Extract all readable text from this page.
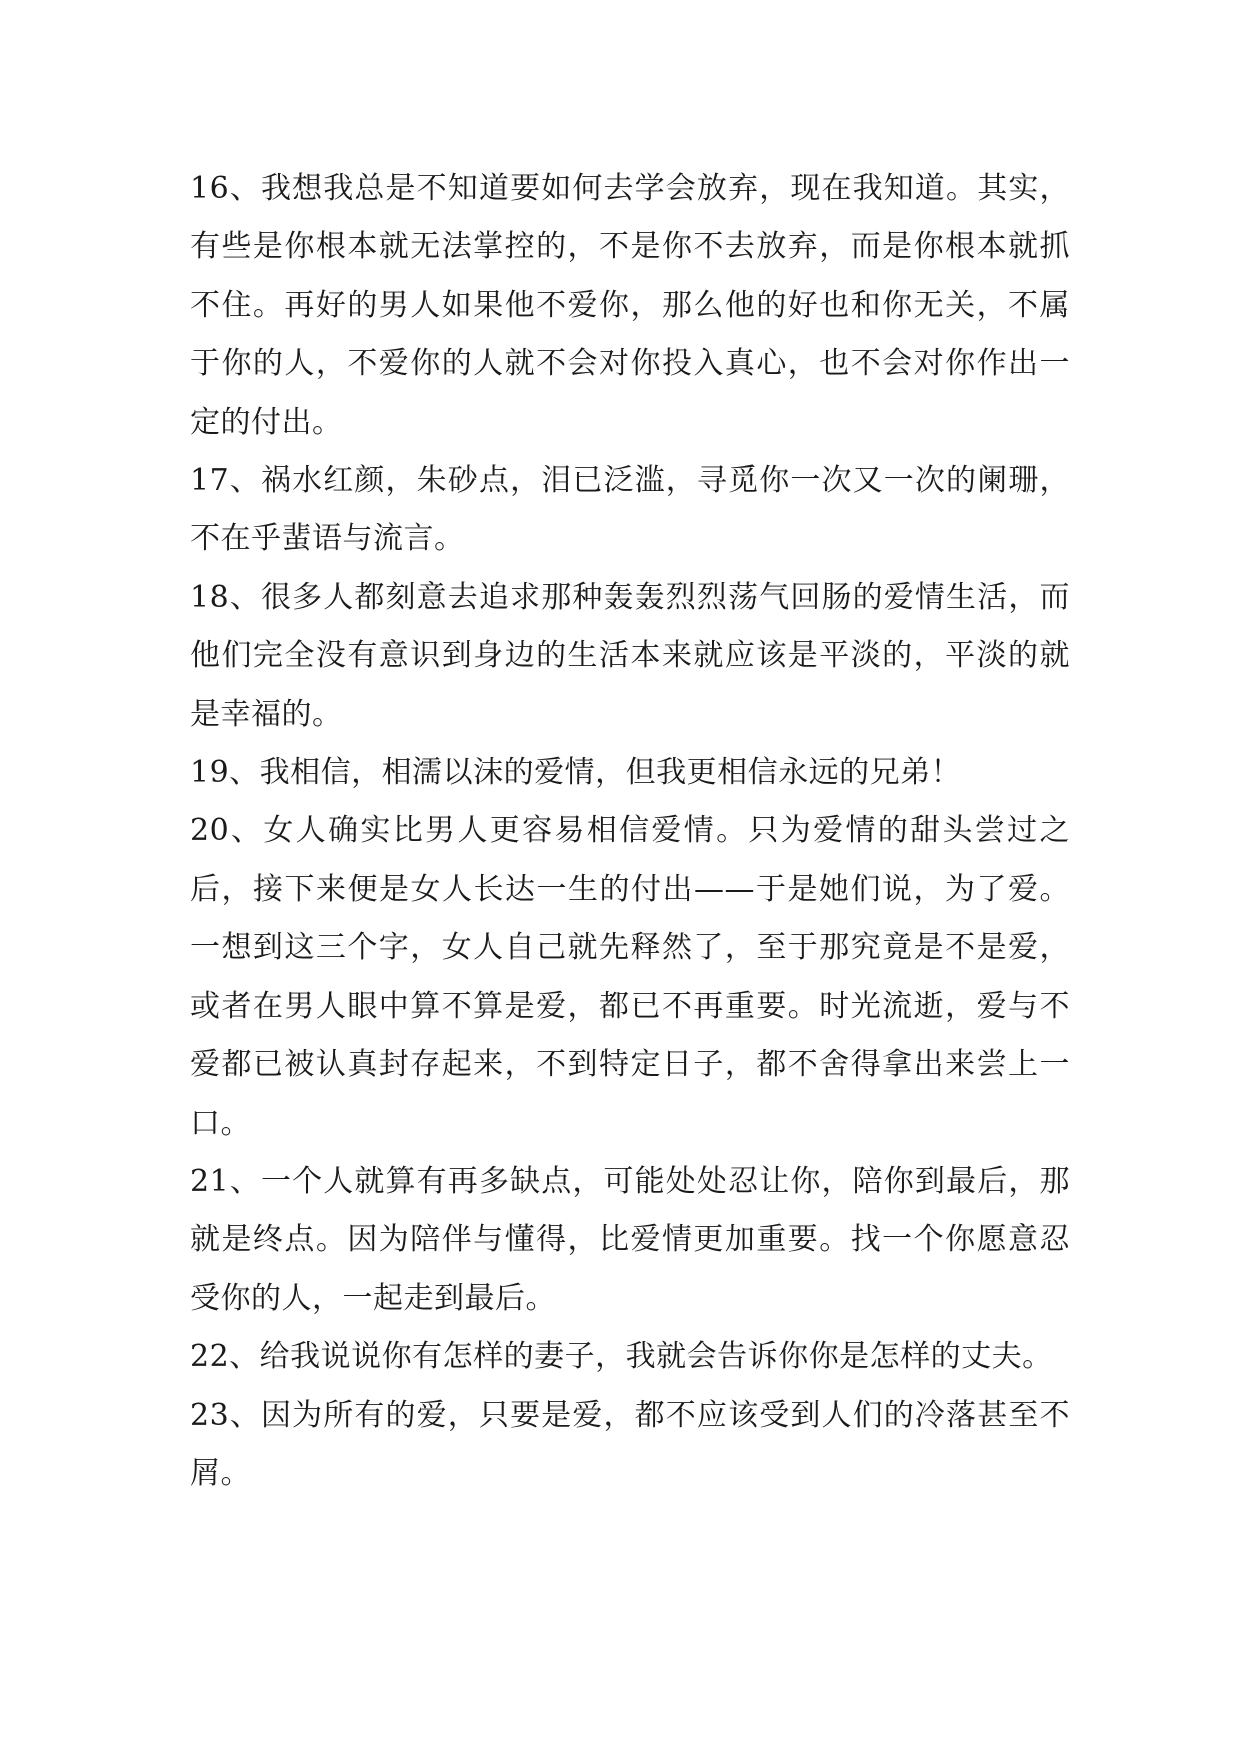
16、我想我总是不知道要如何去学会放弃，现在我知道。其实，有些是你根本就无法掌控的，不是你不去放弃，而是你根本就抓不住。再好的男人如果他不爱你，那么他的好也和你无关，不属于你的人，不爱你的人就不会对你投入真心，也不会对你作出一定的付出。

17、祸水红颜，朱砂点，泪已泛滥，寻觅你一次又一次的阑珊，不在乎蜚语与流言。

18、很多人都刻意去追求那种轰轰烈烈荡气回肠的爱情生活，而他们完全没有意识到身边的生活本来就应该是平淡的，平淡的就是幸福的。

19、我相信，相濡以沫的爱情，但我更相信永远的兄弟！

20、女人确实比男人更容易相信爱情。只为爱情的甜头尝过之后，接下来便是女人长达一生的付出——于是她们说，为了爱。一想到这三个字，女人自己就先释然了，至于那究竟是不是爱，或者在男人眼中算不算是爱，都已不再重要。时光流逝，爱与不爱都已被认真封存起来，不到特定日子，都不舍得拿出来尝上一口。

21、一个人就算有再多缺点，可能处处忍让你，陪你到最后，那就是终点。因为陪伴与懂得，比爱情更加重要。找一个你愿意忍受你的人，一起走到最后。

22、给我说说你有怎样的妻子，我就会告诉你你是怎样的丈夫。

23、因为所有的爱，只要是爱，都不应该受到人们的冷落甚至不屑。
